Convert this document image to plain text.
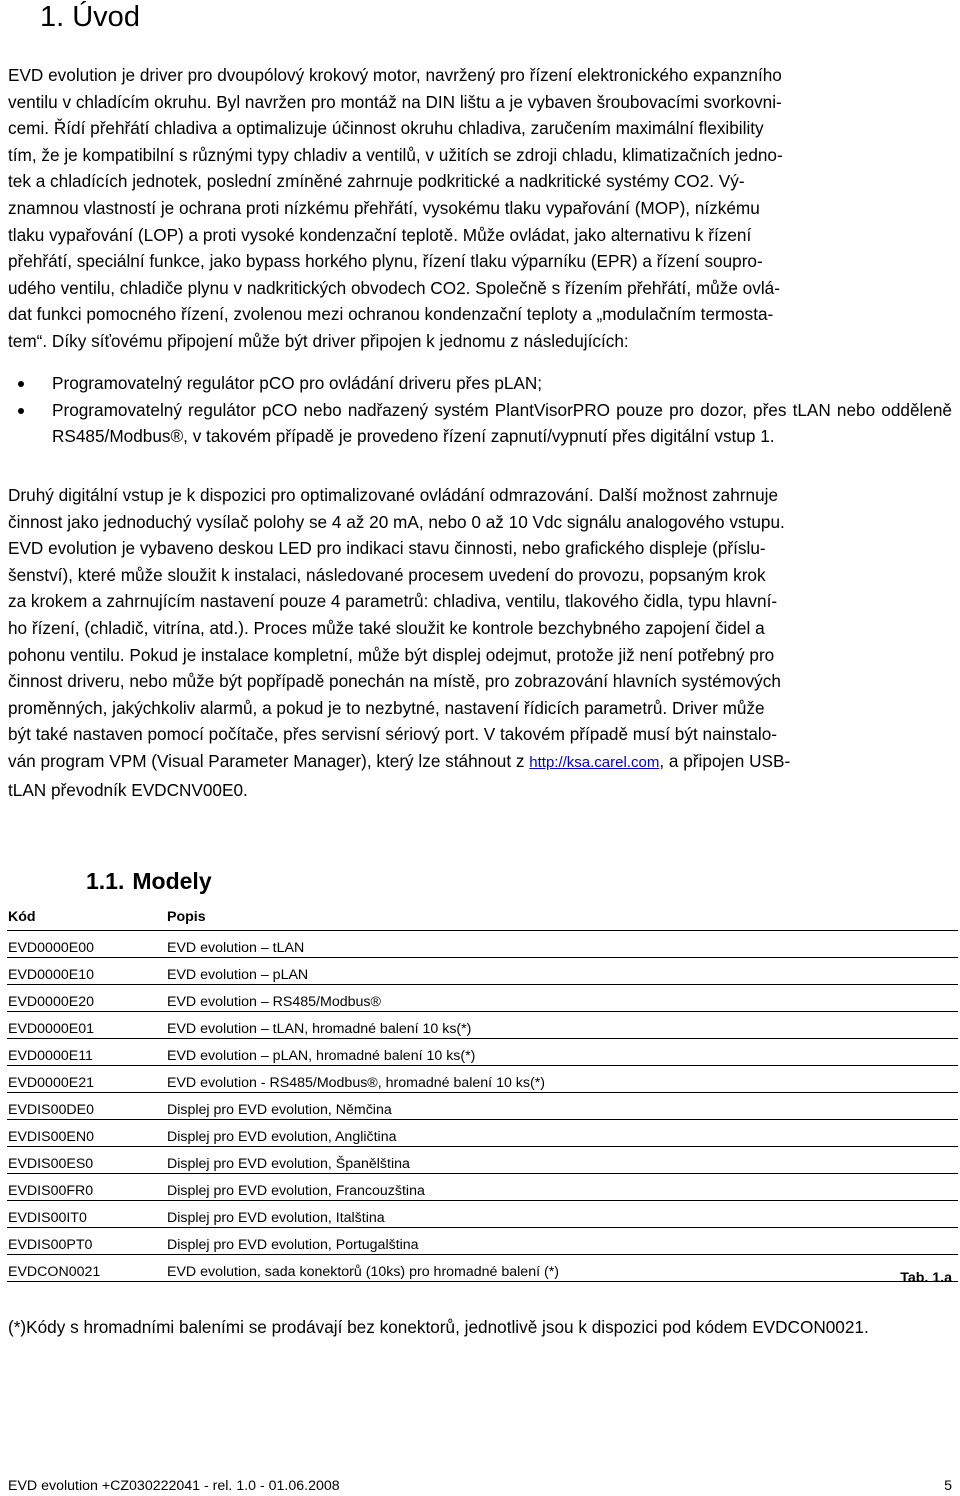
1. Úvod
EVD evolution je driver pro dvoupólový krokový motor, navržený pro řízení elektronického expanzního
ventilu v chladícím okruhu. Byl navržen pro montáž na DIN lištu a je vybaven šroubovacími svorkovni-
cemi. Řídí přehřátí chladiva a optimalizuje účinnost okruhu chladiva, zaručením maximální flexibility
tím, že je kompatibilní s různými typy chladiv a ventilů, v užitích se zdroji chladu, klimatizačních jedno-
tek a chladících jednotek, poslední zmíněné zahrnuje podkritické a nadkritické systémy CO2. Vý-
znamnou vlastností je ochrana proti nízkému přehřátí, vysokému tlaku vypařování (MOP), nízkému
tlaku vypařování (LOP) a proti vysoké kondenzační teplotě. Může ovládat, jako alternativu k řízení
přehřátí, speciální funkce, jako bypass horkého plynu, řízení tlaku výparníku (EPR) a řízení soupro-
udého ventilu, chladiče plynu v nadkritických obvodech CO2. Společně s řízením přehřátí, může ovlá-
dat funkci pomocného řízení, zvolenou mezi ochranou kondenzační teploty a „modulačním termosta-
tem“. Díky síťovému připojení může být driver připojen k jednomu z následujících:
Programovatelný regulátor pCO pro ovládání driveru přes pLAN;
Programovatelný regulátor pCO nebo nadřazený systém PlantVisorPRO pouze pro dozor, přes tLAN nebo odděleně RS485/Modbus®, v takovém případě je provedeno řízení zapnutí/vypnutí přes digitální vstup 1.
Druhý digitální vstup je k dispozici pro optimalizované ovládání odmrazování. Další možnost zahrnuje
činnost jako jednoduchý vysílač polohy se 4 až 20 mA, nebo 0 až 10 Vdc signálu analogového vstupu.
EVD evolution je vybaveno deskou LED pro indikaci stavu činnosti, nebo grafického displeje (příslu-
šenství), které může sloužit k instalaci, následované procesem uvedení do provozu, popsaným krok
za krokem a zahrnujícím nastavení pouze 4 parametrů: chladiva, ventilu, tlakového čidla, typu hlavní-
ho řízení, (chladič, vitrína, atd.). Proces může také sloužit ke kontrole bezchybného zapojení čidel a
pohonu ventilu. Pokud je instalace kompletní, může být displej odejmut, protože již není potřebný pro
činnost driveru, nebo může být popřípadě ponechán na místě, pro zobrazování hlavních systémových
proměnných, jakýchkoliv alarmů, a pokud je to nezbytné, nastavení řídicích parametrů. Driver může
být také nastaven pomocí počítače, přes servisní sériový port. V takovém případě musí být nainstalo-
ván program VPM (Visual Parameter Manager), který lze stáhnout z http://ksa.carel.com, a připojen USB-
tLAN převodník EVDCNV00E0.
1.1. Modely
Kód	Popis
EVD0000E00	EVD evolution – tLAN
EVD0000E10	EVD evolution – pLAN
EVD0000E20	EVD evolution – RS485/Modbus®
EVD0000E01	EVD evolution – tLAN, hromadné balení 10 ks(*)
EVD0000E11	EVD evolution – pLAN, hromadné balení 10 ks(*)
EVD0000E21	EVD evolution - RS485/Modbus®, hromadné balení 10 ks(*)
EVDIS00DE0	Displej pro EVD evolution, Němčina
EVDIS00EN0	Displej pro EVD evolution, Angličtina
EVDIS00ES0	Displej pro EVD evolution, Španělština
EVDIS00FR0	Displej pro EVD evolution, Francouzština
EVDIS00IT0	Displej pro EVD evolution, Italština
EVDIS00PT0	Displej pro EVD evolution, Portugalština
EVDCON0021	EVD evolution, sada konektorů (10ks) pro hromadné balení (*)	Tab. 1.a
(*)Kódy s hromadními baleními se prodávají bez konektorů, jednotlivě jsou k dispozici pod kódem EVDCON0021.
EVD evolution +CZ030222041 - rel. 1.0 - 01.06.2008	5
